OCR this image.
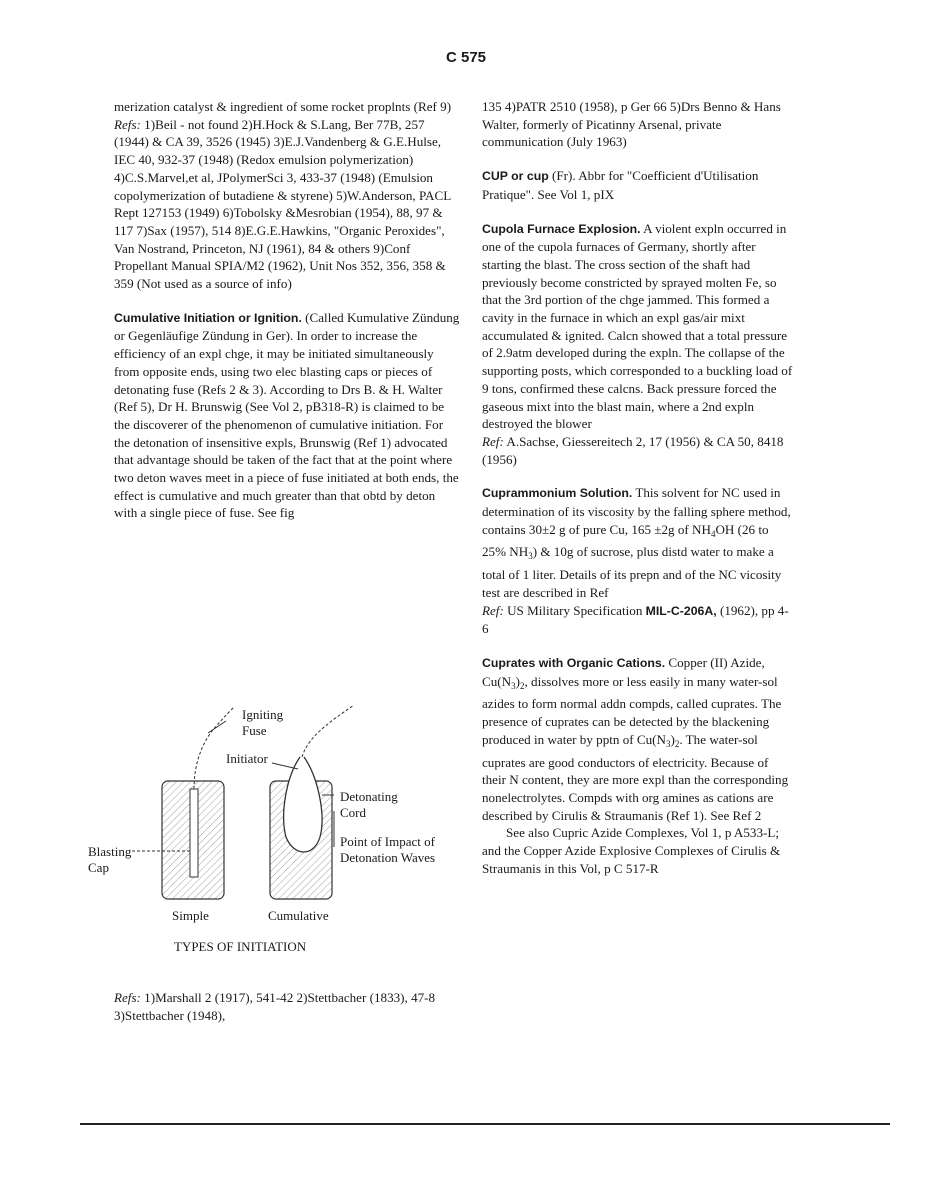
C 575

merization catalyst & ingredient of some rocket proplnts (Ref 9)

Refs: 1)Beil - not found 2)H.Hock & S.Lang, Ber 77B, 257 (1944) & CA 39, 3526 (1945) 3)E.J.Vandenberg & G.E.Hulse, IEC 40, 932-37 (1948) (Redox emulsion polymerization) 4)C.S.Marvel,et al, JPolymerSci 3, 433-37 (1948) (Emulsion copolymerization of butadiene & styrene) 5)W.Anderson, PACL Rept 127153 (1949) 6)Tobolsky &Mesrobian (1954), 88, 97 & 117 7)Sax (1957), 514 8)E.G.E.Hawkins, "Organic Peroxides", Van Nostrand, Princeton, NJ (1961), 84 & others 9)Conf Propellant Manual SPIA/M2 (1962), Unit Nos 352, 356, 358 & 359 (Not used as a source of info)

Cumulative Initiation or Ignition. (Called Kumulative Zündung or Gegenläufige Zündung in Ger). In order to increase the efficiency of an expl chge, it may be initiated simultaneously from opposite ends, using two elec blasting caps or pieces of detonating fuse (Refs 2 & 3). According to Drs B. & H. Walter (Ref 5), Dr H. Brunswig (See Vol 2, pB318-R) is claimed to be the discoverer of the phenomenon of cumulative initiation. For the detonation of insensitive expls, Brunswig (Ref 1) advocated that advantage should be taken of the fact that at the point where two deton waves meet in a piece of fuse initiated at both ends, the effect is cumulative and much greater than that obtd by deton with a single piece of fuse. See fig

Igniting
Fuse
Initiator
Detonating
Cord
Point of Impact of
Detonation Waves
Blasting
Cap
Simple	Cumulative
TYPES OF INITIATION

Refs: 1)Marshall 2 (1917), 541-42 2)Stettbacher (1833), 47-8 3)Stettbacher (1948),

135 4)PATR 2510 (1958), p Ger 66 5)Drs Benno & Hans Walter, formerly of Picatinny Arsenal, private communication (July 1963)

CUP or cup (Fr). Abbr for "Coefficient d'Utilisation Pratique". See Vol 1, pIX

Cupola Furnace Explosion. A violent expln occurred in one of the cupola furnaces of Germany, shortly after starting the blast. The cross section of the shaft had previously become constricted by sprayed molten Fe, so that the 3rd portion of the chge jammed. This formed a cavity in the furnace in which an expl gas/air mixt accumulated & ignited. Calcn showed that a total pressure of 2.9atm developed during the expln. The collapse of the supporting posts, which corresponded to a buckling load of 9 tons, confirmed these calcns. Back pressure forced the gaseous mixt into the blast main, where a 2nd expln destroyed the blower

Ref: A.Sachse, Giessereitech 2, 17 (1956) & CA 50, 8418 (1956)

Cuprammonium Solution. This solvent for NC used in determination of its viscosity by the falling sphere method, contains 30±2 g of pure Cu, 165 ±2g of $NH_4OH$ (26 to 25% $NH_3$) & 10g of sucrose, plus distd water to make a total of 1 liter. Details of its prepn and of the NC vicosity test are described in Ref

Ref: US Military Specification MIL-C-206A, (1962), pp 4-6

Cuprates with Organic Cations. Copper (II) Azide, $Cu(N_3)_2$, dissolves more or less easily in many water-sol azides to form normal addn compds, called cuprates. The presence of cuprates can be detected by the blackening produced in water by pptn of $Cu(N_3)_2$. The water-sol cuprates are good conductors of electricity. Because of their N content, they are more expl than the corresponding nonelectrolytes. Compds with org amines as cations are described by Cirulis & Straumanis (Ref 1). See Ref 2

See also Cupric Azide Complexes, Vol 1, p A533-L; and the Copper Azide Explosive Complexes of Cirulis & Straumanis in this Vol, p C 517-R
